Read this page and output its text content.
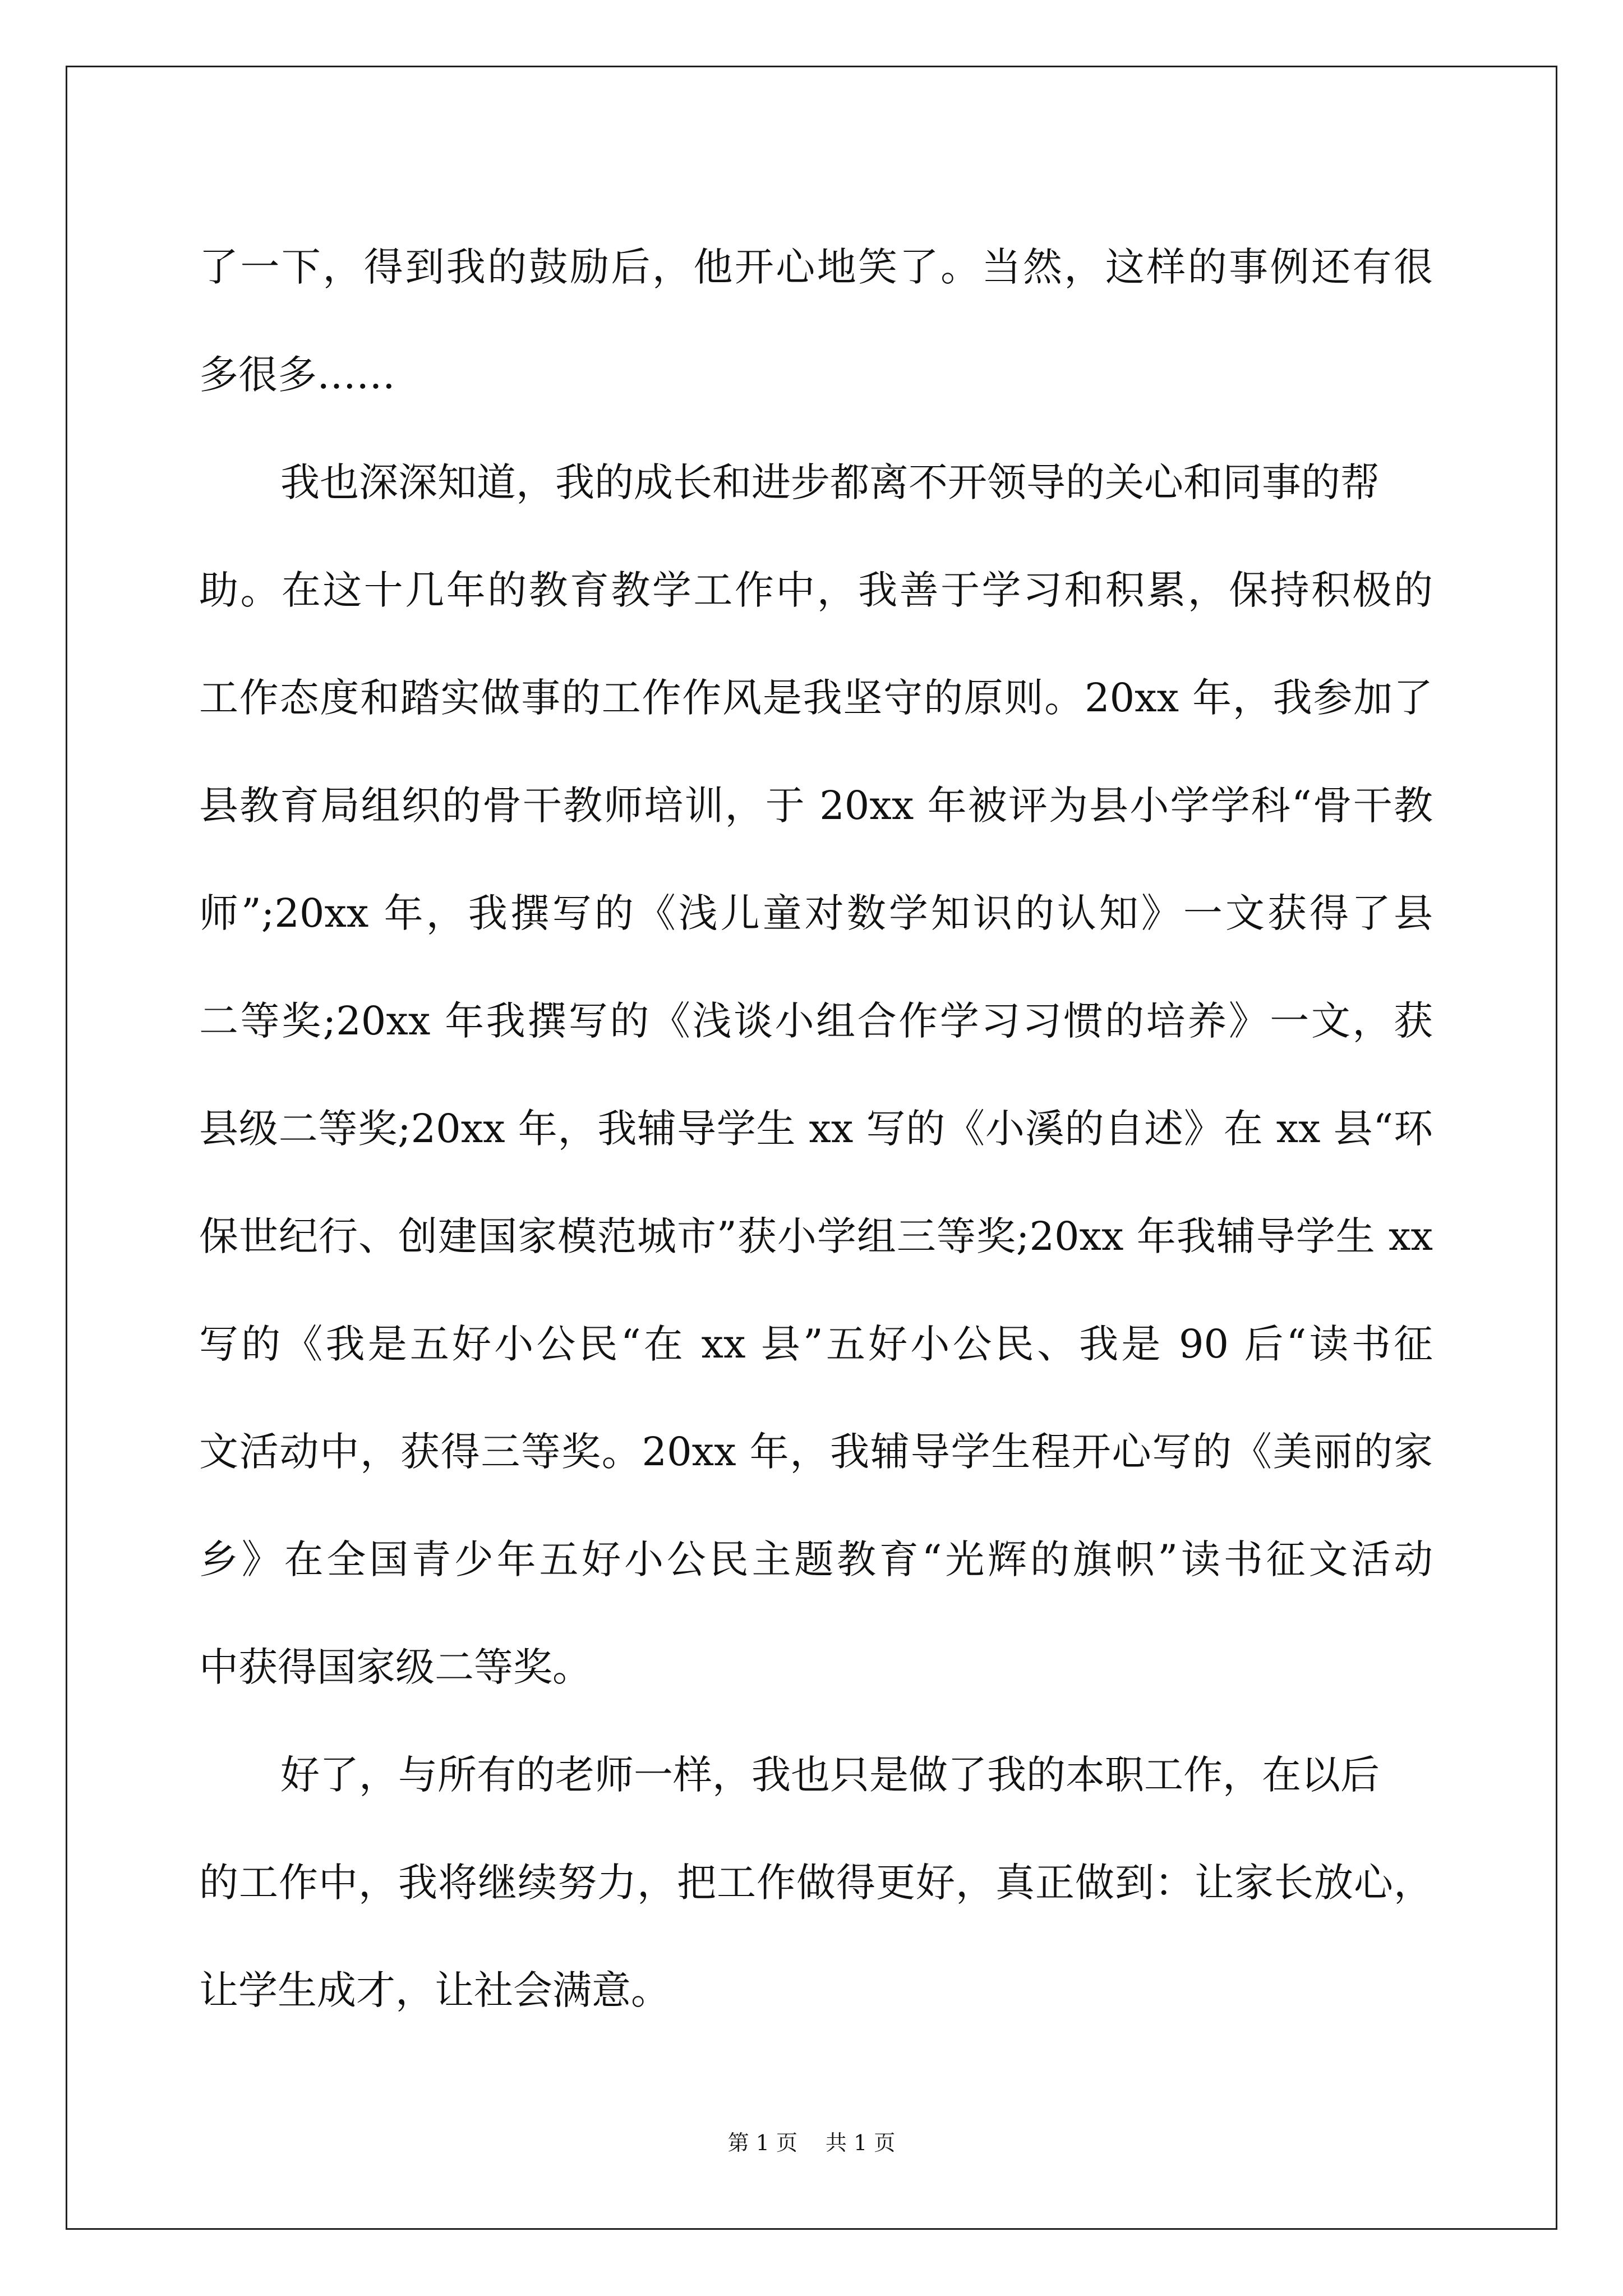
了一下，得到我的鼓励后，他开心地笑了。当然，这样的事例还有很
多很多……
我也深深知道，我的成长和进步都离不开领导的关心和同事的帮
助。在这十几年的教育教学工作中，我善于学习和积累，保持积极的
工作态度和踏实做事的工作作风是我坚守的原则。20xx 年，我参加了
县教育局组织的骨干教师培训，于 20xx 年被评为县小学学科“骨干教
师”;20xx 年，我撰写的《浅儿童对数学知识的认知》一文获得了县
二等奖;20xx 年我撰写的《浅谈小组合作学习习惯的培养》一文，获
县级二等奖;20xx 年，我辅导学生 xx 写的《小溪的自述》在 xx 县“环
保世纪行、创建国家模范城市”获小学组三等奖;20xx 年我辅导学生 xx
写的《我是五好小公民“在 xx 县”五好小公民、我是 90 后“读书征
文活动中，获得三等奖。20xx 年，我辅导学生程开心写的《美丽的家
乡》在全国青少年五好小公民主题教育“光辉的旗帜”读书征文活动
中获得国家级二等奖。
好了，与所有的老师一样，我也只是做了我的本职工作，在以后
的工作中，我将继续努力，把工作做得更好，真正做到：让家长放心，
让学生成才，让社会满意。
第 1 页 共 1 页
